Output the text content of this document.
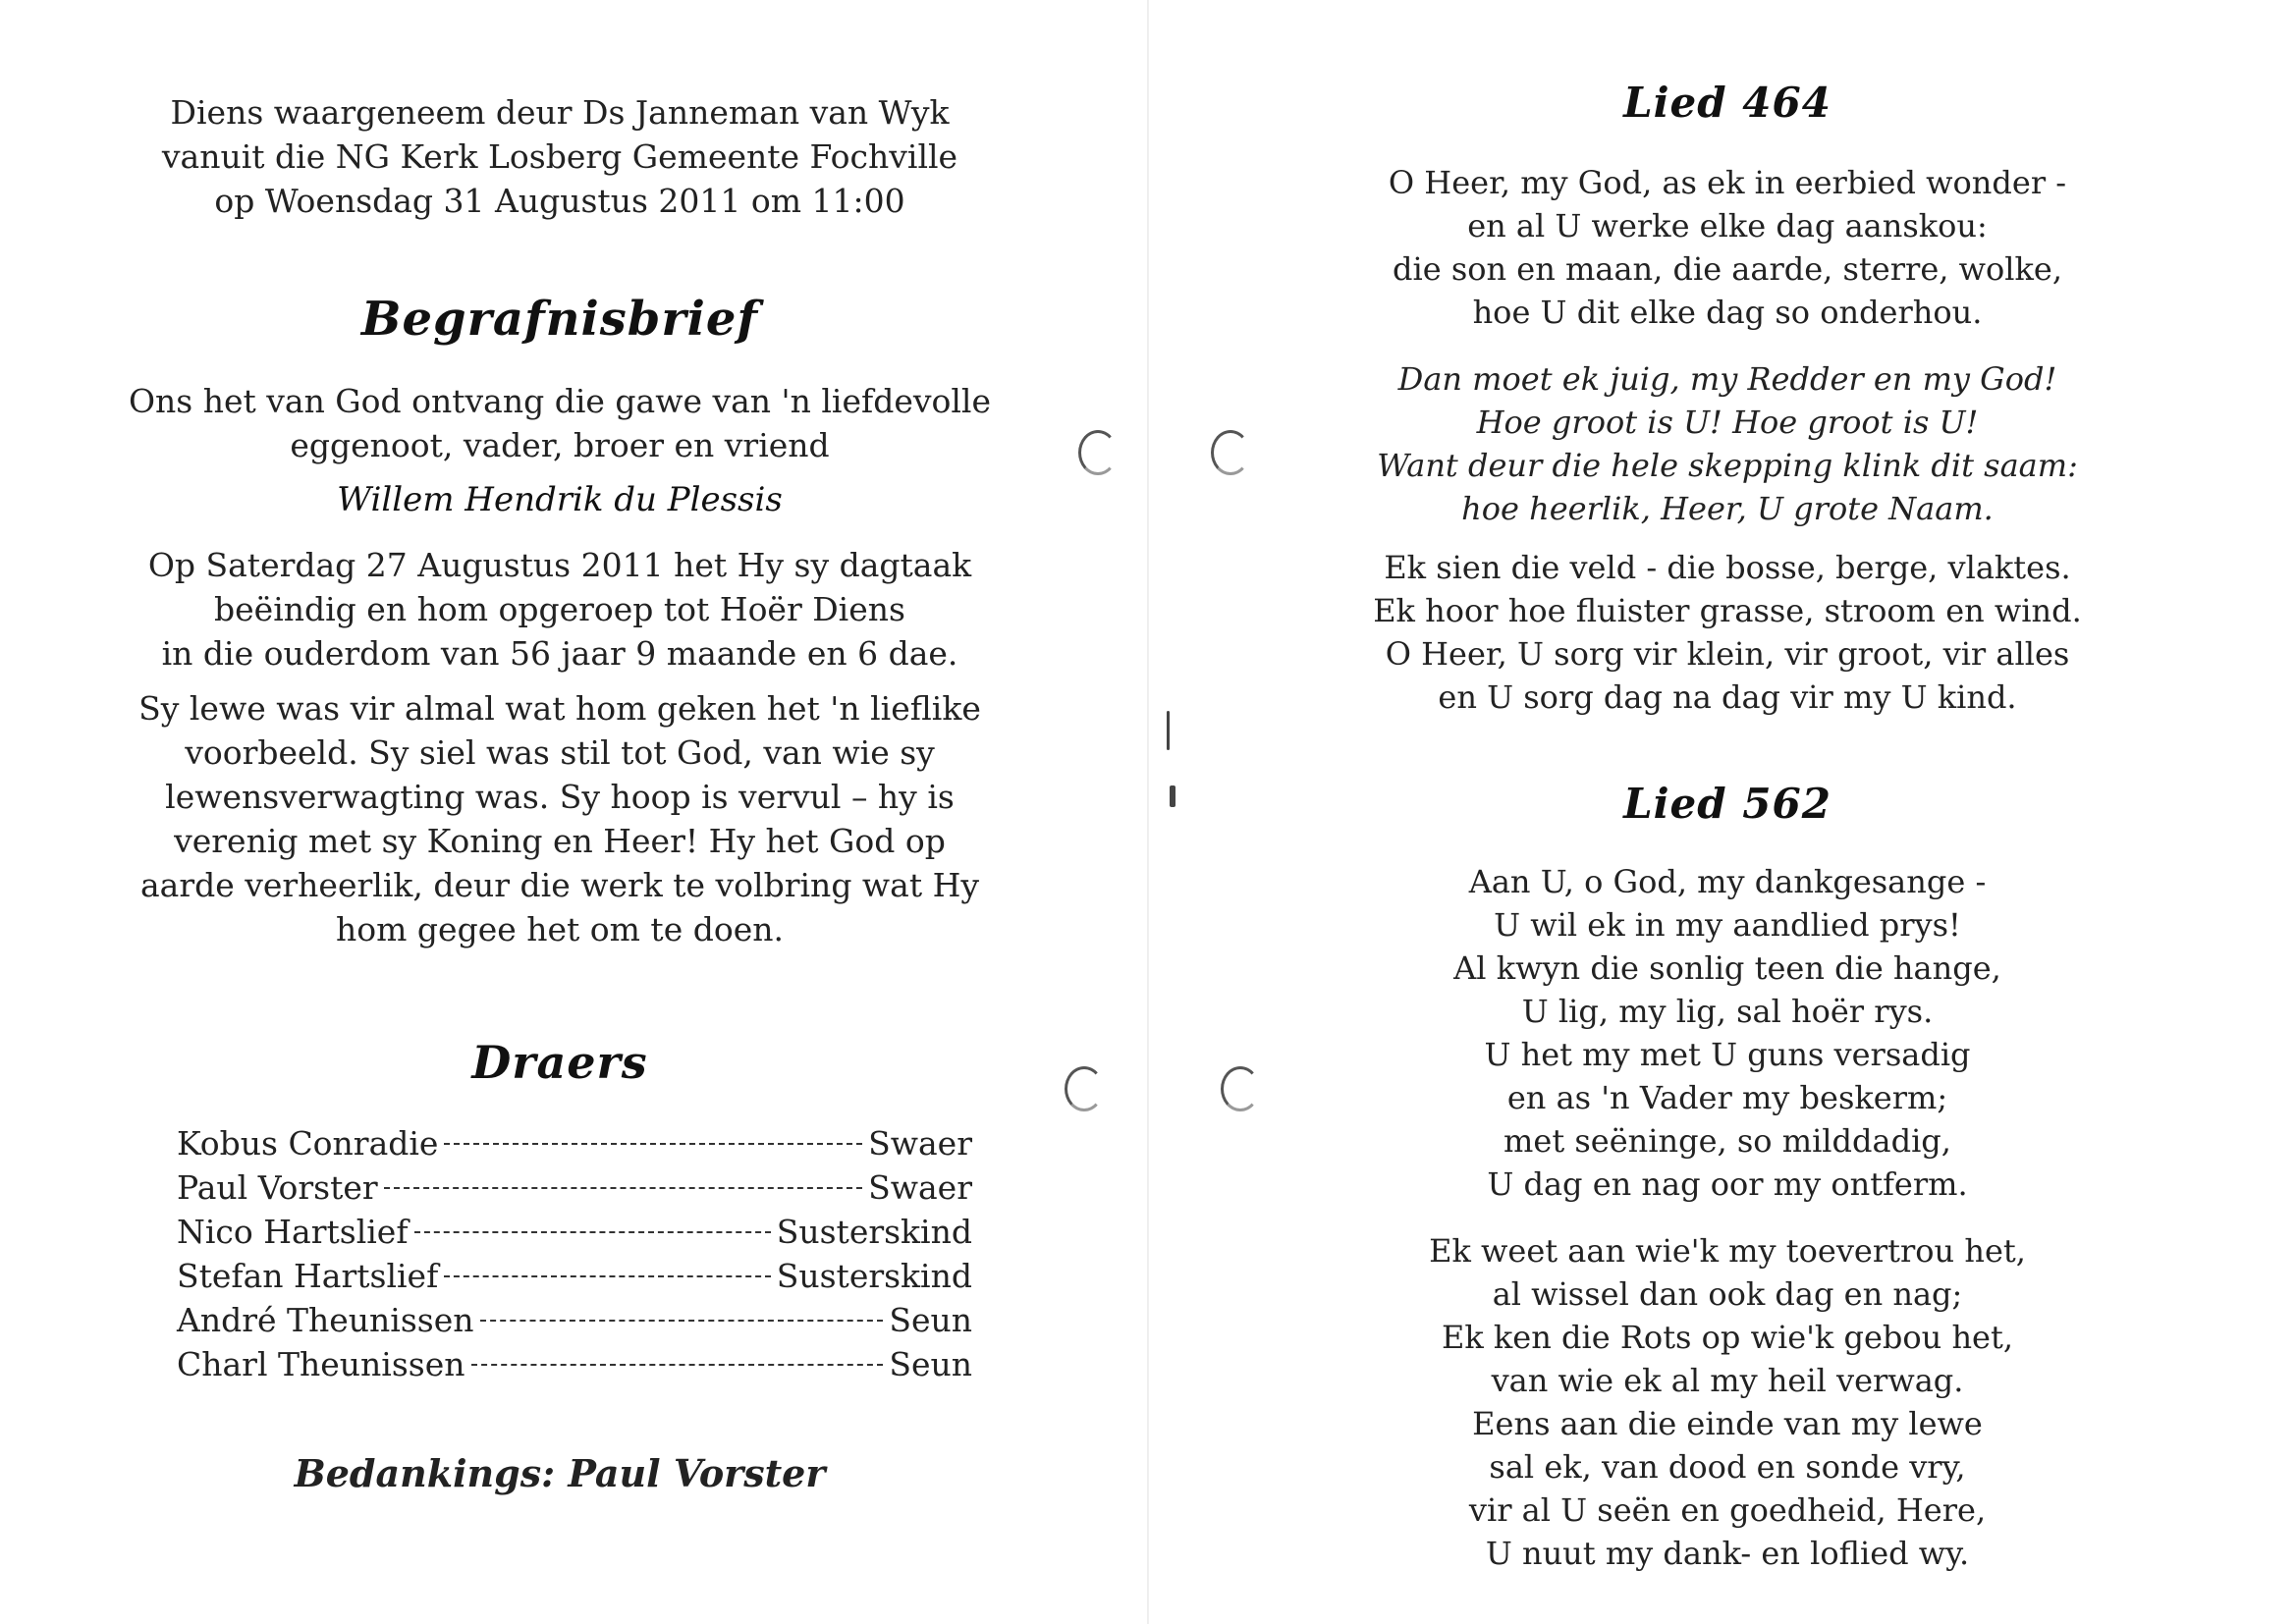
Diens waargeneem deur Ds Janneman van Wyk
vanuit die NG Kerk Losberg Gemeente Fochville
op Woensdag 31 Augustus 2011 om 11:00
Begrafnisbrief
Ons het van God ontvang die gawe van 'n liefdevolle
eggenoot, vader, broer en vriend
Willem Hendrik du Plessis
Op Saterdag 27 Augustus 2011 het Hy sy dagtaak
beëindig en hom opgeroep tot Hoër Diens
in die ouderdom van 56 jaar 9 maande en 6 dae.
Sy lewe was vir almal wat hom geken het 'n lieflike
voorbeeld. Sy siel was stil tot God, van wie sy
lewensverwagting was. Sy hoop is vervul – hy is
verenig met sy Koning en Heer! Hy het God op
aarde verheerlik, deur die werk te volbring wat Hy
hom gegee het om te doen.
Draers
Kobus Conradie	Swaer
Paul Vorster	Swaer
Nico Hartslief	Susterskind
Stefan Hartslief	Susterskind
André Theunissen	Seun
Charl Theunissen	Seun
Bedankings: Paul Vorster
Lied 464
O Heer, my God, as ek in eerbied wonder -
en al U werke elke dag aanskou:
die son en maan, die aarde, sterre, wolke,
hoe U dit elke dag so onderhou.
Dan moet ek juig, my Redder en my God!
Hoe groot is U! Hoe groot is U!
Want deur die hele skepping klink dit saam:
hoe heerlik, Heer, U grote Naam.
Ek sien die veld - die bosse, berge, vlaktes.
Ek hoor hoe fluister grasse, stroom en wind.
O Heer, U sorg vir klein, vir groot, vir alles
en U sorg dag na dag vir my U kind.
Lied 562
Aan U, o God, my dankgesange -
U wil ek in my aandlied prys!
Al kwyn die sonlig teen die hange,
U lig, my lig, sal hoër rys.
U het my met U guns versadig
en as 'n Vader my beskerm;
met seëninge, so milddadig,
U dag en nag oor my ontferm.
Ek weet aan wie'k my toevertrou het,
al wissel dan ook dag en nag;
Ek ken die Rots op wie'k gebou het,
van wie ek al my heil verwag.
Eens aan die einde van my lewe
sal ek, van dood en sonde vry,
vir al U seën en goedheid, Here,
U nuut my dank- en loflied wy.
